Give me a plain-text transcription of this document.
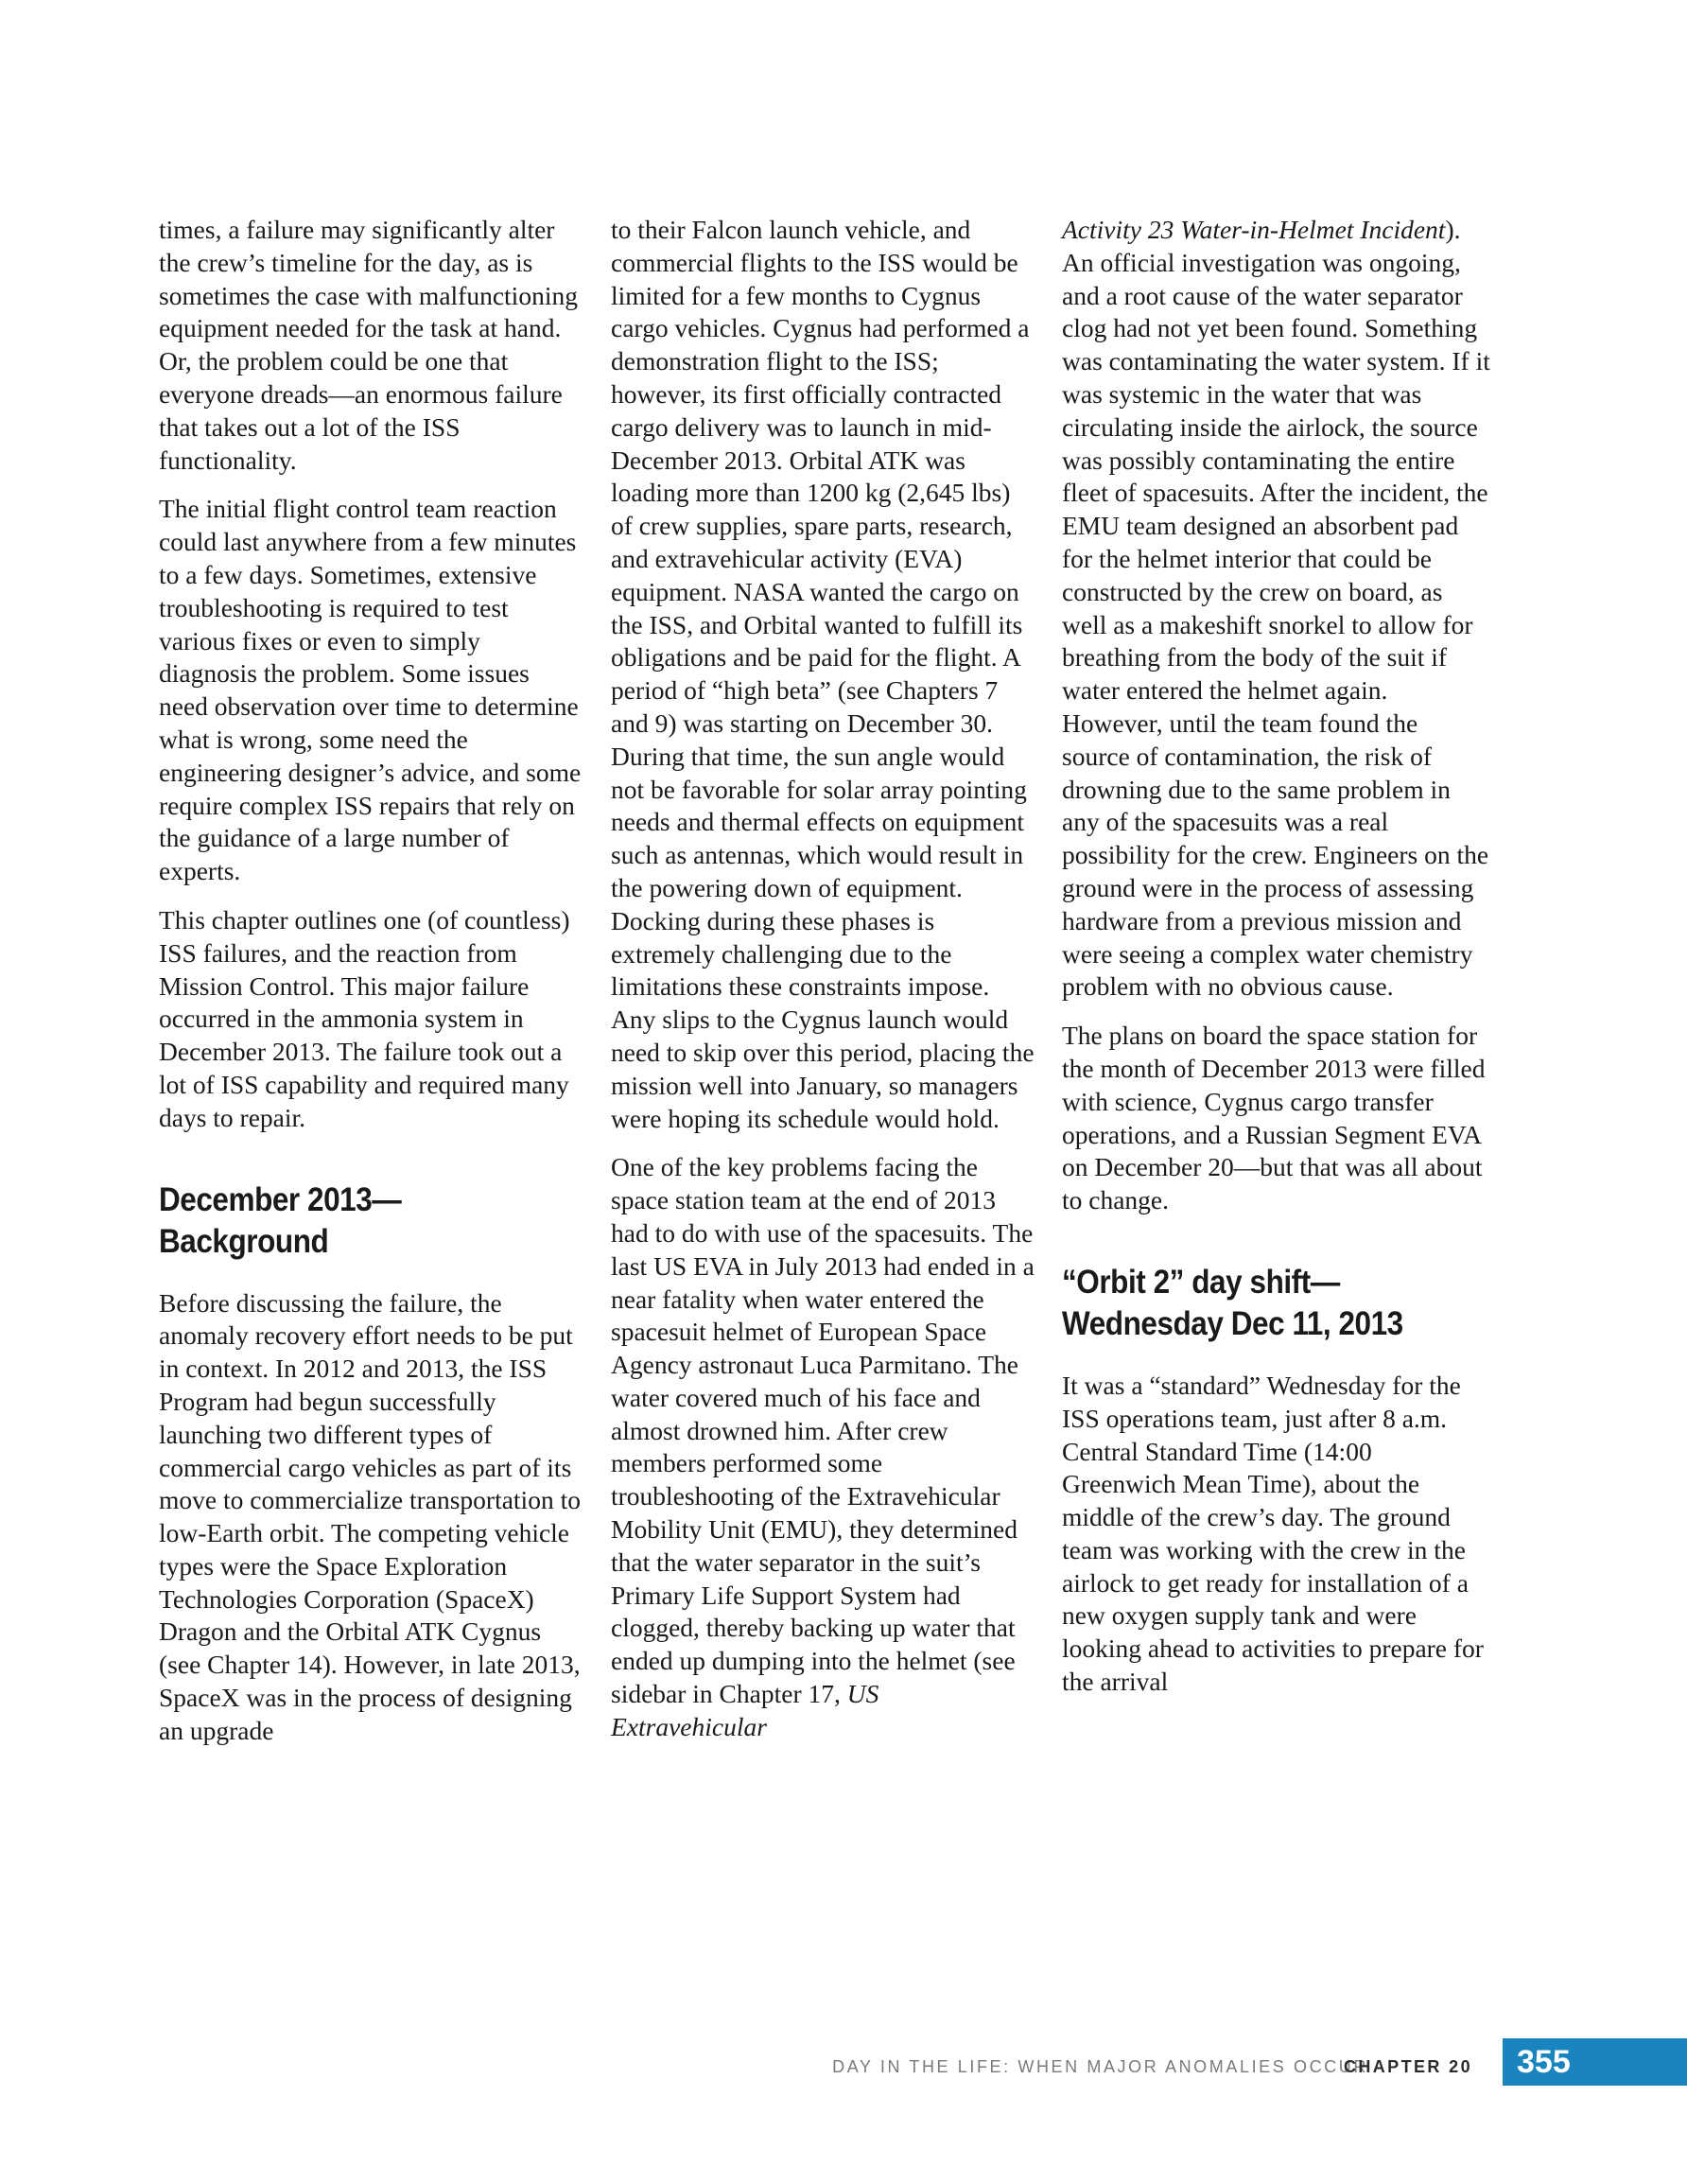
times, a failure may significantly alter the crew’s timeline for the day, as is sometimes the case with malfunctioning equipment needed for the task at hand. Or, the problem could be one that everyone dreads—an enormous failure that takes out a lot of the ISS functionality.

The initial flight control team reaction could last anywhere from a few minutes to a few days. Sometimes, extensive troubleshooting is required to test various fixes or even to simply diagnosis the problem. Some issues need observation over time to determine what is wrong, some need the engineering designer’s advice, and some require complex ISS repairs that rely on the guidance of a large number of experts.

This chapter outlines one (of countless) ISS failures, and the reaction from Mission Control. This major failure occurred in the ammonia system in December 2013. The failure took out a lot of ISS capability and required many days to repair.

December 2013—
Background

Before discussing the failure, the anomaly recovery effort needs to be put in context. In 2012 and 2013, the ISS Program had begun successfully launching two different types of commercial cargo vehicles as part of its move to commercialize transportation to low-Earth orbit. The competing vehicle types were the Space Exploration Technologies Corporation (SpaceX) Dragon and the Orbital ATK Cygnus (see Chapter 14). However, in late 2013, SpaceX was in the process of designing an upgrade

to their Falcon launch vehicle, and commercial flights to the ISS would be limited for a few months to Cygnus cargo vehicles. Cygnus had performed a demonstration flight to the ISS; however, its first officially contracted cargo delivery was to launch in mid-December 2013. Orbital ATK was loading more than 1200 kg (2,645 lbs) of crew supplies, spare parts, research, and extravehicular activity (EVA) equipment. NASA wanted the cargo on the ISS, and Orbital wanted to fulfill its obligations and be paid for the flight. A period of “high beta” (see Chapters 7 and 9) was starting on December 30. During that time, the sun angle would not be favorable for solar array pointing needs and thermal effects on equipment such as antennas, which would result in the powering down of equipment. Docking during these phases is extremely challenging due to the limitations these constraints impose. Any slips to the Cygnus launch would need to skip over this period, placing the mission well into January, so managers were hoping its schedule would hold.

One of the key problems facing the space station team at the end of 2013 had to do with use of the spacesuits. The last US EVA in July 2013 had ended in a near fatality when water entered the spacesuit helmet of European Space Agency astronaut Luca Parmitano. The water covered much of his face and almost drowned him. After crew members performed some troubleshooting of the Extravehicular Mobility Unit (EMU), they determined that the water separator in the suit’s Primary Life Support System had clogged, thereby backing up water that ended up dumping into the helmet (see sidebar in Chapter 17, US Extravehicular

Activity 23 Water-in-Helmet Incident). An official investigation was ongoing, and a root cause of the water separator clog had not yet been found. Something was contaminating the water system. If it was systemic in the water that was circulating inside the airlock, the source was possibly contaminating the entire fleet of spacesuits. After the incident, the EMU team designed an absorbent pad for the helmet interior that could be constructed by the crew on board, as well as a makeshift snorkel to allow for breathing from the body of the suit if water entered the helmet again. However, until the team found the source of contamination, the risk of drowning due to the same problem in any of the spacesuits was a real possibility for the crew. Engineers on the ground were in the process of assessing hardware from a previous mission and were seeing a complex water chemistry problem with no obvious cause.

The plans on board the space station for the month of December 2013 were filled with science, Cygnus cargo transfer operations, and a Russian Segment EVA on December 20—but that was all about to change.

“Orbit 2” day shift—
Wednesday Dec 11, 2013

It was a “standard” Wednesday for the ISS operations team, just after 8 a.m. Central Standard Time (14:00 Greenwich Mean Time), about the middle of the crew’s day. The ground team was working with the crew in the airlock to get ready for installation of a new oxygen supply tank and were looking ahead to activities to prepare for the arrival

DAY IN THE LIFE: WHEN MAJOR ANOMALIES OCCUR
CHAPTER 20 355
